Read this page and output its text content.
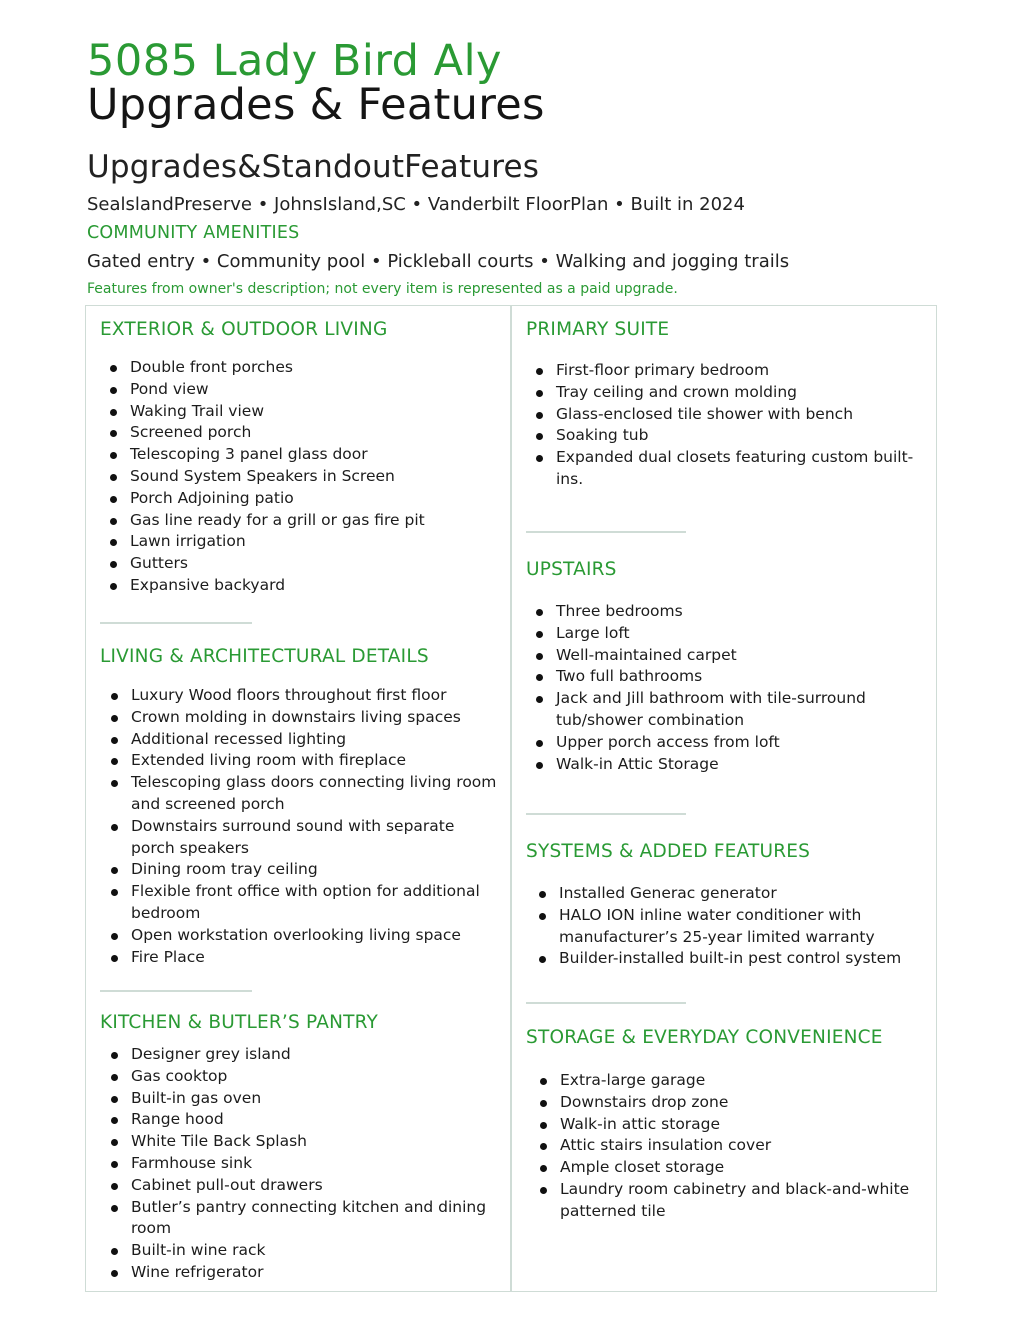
5085 Lady Bird Aly
Upgrades & Features
Upgrades&StandoutFeatures
SealslandPreserve • JohnsIsland,SC • Vanderbilt FloorPlan • Built in 2024
COMMUNITY AMENITIES
Gated entry • Community pool • Pickleball courts • Walking and jogging trails
Features from owner's description; not every item is represented as a paid upgrade.
EXTERIOR & OUTDOOR LIVING
Double front porches
Pond view
Waking Trail view
Screened porch
Telescoping 3 panel glass door
Sound System Speakers in Screen
Porch Adjoining patio
Gas line ready for a grill or gas fire pit
Lawn irrigation
Gutters
Expansive backyard
LIVING & ARCHITECTURAL DETAILS
Luxury Wood floors throughout first floor
Crown molding in downstairs living spaces
Additional recessed lighting
Extended living room with fireplace
Telescoping glass doors connecting living room and screened porch
Downstairs surround sound with separate porch speakers
Dining room tray ceiling
Flexible front office with option for additional bedroom
Open workstation overlooking living space
Fire Place
KITCHEN & BUTLER’S PANTRY
Designer grey island
Gas cooktop
Built-in gas oven
Range hood
White Tile Back Splash
Farmhouse sink
Cabinet pull-out drawers
Butler’s pantry connecting kitchen and dining room
Built-in wine rack
Wine refrigerator
PRIMARY SUITE
First-floor primary bedroom
Tray ceiling and crown molding
Glass-enclosed tile shower with bench
Soaking tub
Expanded dual closets featuring custom built-ins.
UPSTAIRS
Three bedrooms
Large loft
Well-maintained carpet
Two full bathrooms
Jack and Jill bathroom with tile-surround tub/shower combination
Upper porch access from loft
Walk-in Attic Storage
SYSTEMS & ADDED FEATURES
Installed Generac generator
HALO ION inline water conditioner with manufacturer’s 25-year limited warranty
Builder-installed built-in pest control system
STORAGE & EVERYDAY CONVENIENCE
Extra-large garage
Downstairs drop zone
Walk-in attic storage
Attic stairs insulation cover
Ample closet storage
Laundry room cabinetry and black-and-white patterned tile
